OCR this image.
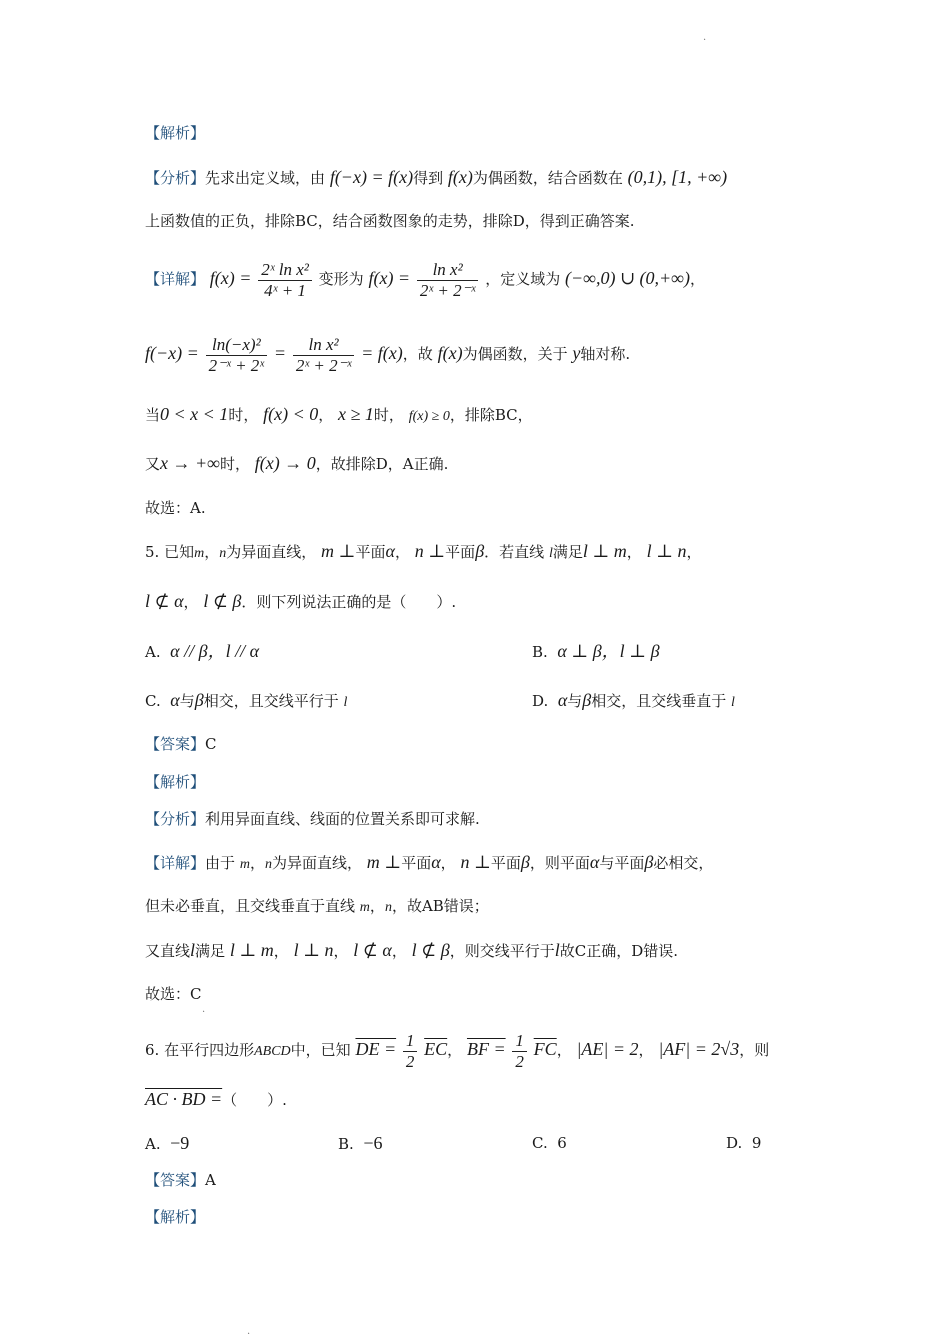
.
【解析】
【分析】先求出定义域，由 f(−x) = f(x)得到 f(x)为偶函数，结合函数在 (0,1), [1, +∞)
上函数值的正负，排除BC，结合函数图象的走势，排除D，得到正确答案.
【详解】 $f(x) = \frac{\text{2ˣ ln x²}}{\text{4ˣ + 1}}$ 变形为 $f(x) = \frac{\text{ln x²}}{\text{2ˣ + 2⁻ˣ}}$ ，定义域为 (−∞,0) ∪ (0,+∞)，
$f(-x) = \frac{\text{ln(−x)²}}{\text{2⁻ˣ + 2ˣ}} = \frac{\text{ln x²}}{\text{2ˣ + 2⁻ˣ}} = f(x)$，故 f(x)为偶函数，关于 y轴对称.
当0 < x < 1时， f(x) < 0， x ≥ 1时， f(x) ≥ 0，排除BC，
又x → +∞时， f(x) → 0，故排除D，A正确.
故选：A.
5. 已知m，n为异面直线， m ⊥平面α， n ⊥平面β．若直线 l满足l ⊥ m， l ⊥ n，
l ⊄ α， l ⊄ β．则下列说法正确的是（　　）.
A. α // β，l // α	B. α ⊥ β，l ⊥ β
C. α与β相交，且交线平行于 l	D. α与β相交，且交线垂直于 l
【答案】C
【解析】
【分析】利用异面直线、线面的位置关系即可求解.
【详解】由于 m，n为异面直线， m ⊥平面α， n ⊥平面β，则平面α与平面β必相交，
但未必垂直，且交线垂直于直线 m，n，故AB错误；
又直线l满足 l ⊥ m， l ⊥ n， l ⊄ α， l ⊄ β，则交线平行于l故C正确，D错误.
故选：C
.
6. 在平行四边形ABCD中，已知 DE = $\frac{1}{2} \overline{EC}$， BF = $\frac{1}{2} \overline{FC}$， |AE| = 2， |AF| = 2√3，则
AC · BD =（　　）.
A. −9	B. −6	C. 6	D. 9
【答案】A
【解析】
.
